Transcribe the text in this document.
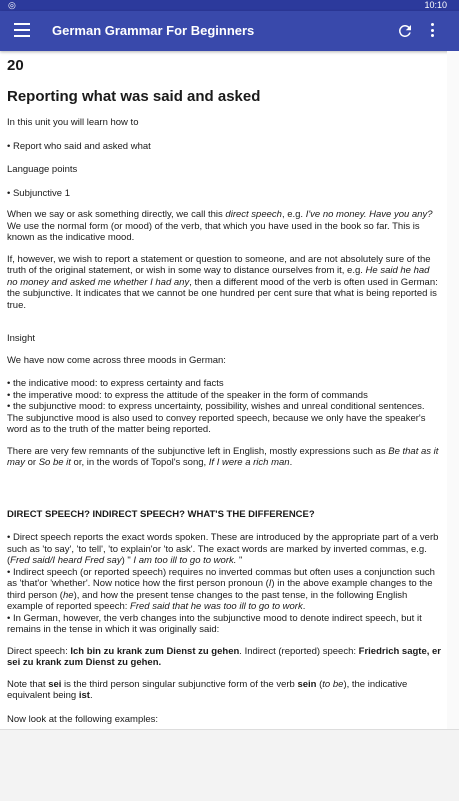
◎	10:10
German Grammar For Beginners
20
Reporting what was said and asked

In this unit you will learn how to

• Report who said and asked what

Language points

• Subjunctive 1

When we say or ask something directly, we call this direct speech, e.g. I've no money. Have you any? We use the normal form (or mood) of the verb, that which you have used in the book so far. This is known as the indicative mood.

If, however, we wish to report a statement or question to someone, and are not absolutely sure of the truth of the original statement, or wish in some way to distance ourselves from it, e.g. He said he had no money and asked me whether I had any, then a different mood of the verb is often used in German: the subjunctive. It indicates that we cannot be one hundred per cent sure that what is being reported is true.

Insight

We have now come across three moods in German:

• the indicative mood: to express certainty and facts

• the imperative mood: to express the attitude of the speaker in the form of commands

• the subjunctive mood: to express uncertainty, possibility, wishes and unreal conditional sentences. The subjunctive mood is also used to convey reported speech, because we only have the speaker's word as to the truth of the matter being reported.

There are very few remnants of the subjunctive left in English, mostly expressions such as Be that as it may or So be it or, in the words of Topol's song, If I were a rich man.

DIRECT SPEECH? INDIRECT SPEECH? WHAT'S THE DIFFERENCE?

• Direct speech reports the exact words spoken. These are introduced by the appropriate part of a verb such as 'to say', 'to tell', 'to explain'or 'to ask'. The exact words are marked by inverted commas, e.g. (Fred said/I heard Fred say) " I am too ill to go to work. "

• Indirect speech (or reported speech) requires no inverted commas but often uses a conjunction such as 'that'or 'whether'. Now notice how the first person pronoun (I) in the above example changes to the third person (he), and how the present tense changes to the past tense, in the following English example of reported speech: Fred said that he was too ill to go to work.

• In German, however, the verb changes into the subjunctive mood to denote indirect speech, but it remains in the tense in which it was originally said:

Direct speech: Ich bin zu krank zum Dienst zu gehen. Indirect (reported) speech: Friedrich sagte, er sei zu krank zum Dienst zu gehen.

Note that sei is the third person singular subjunctive form of the verb sein (to be), the indicative equivalent being ist.

Now look at the following examples:
